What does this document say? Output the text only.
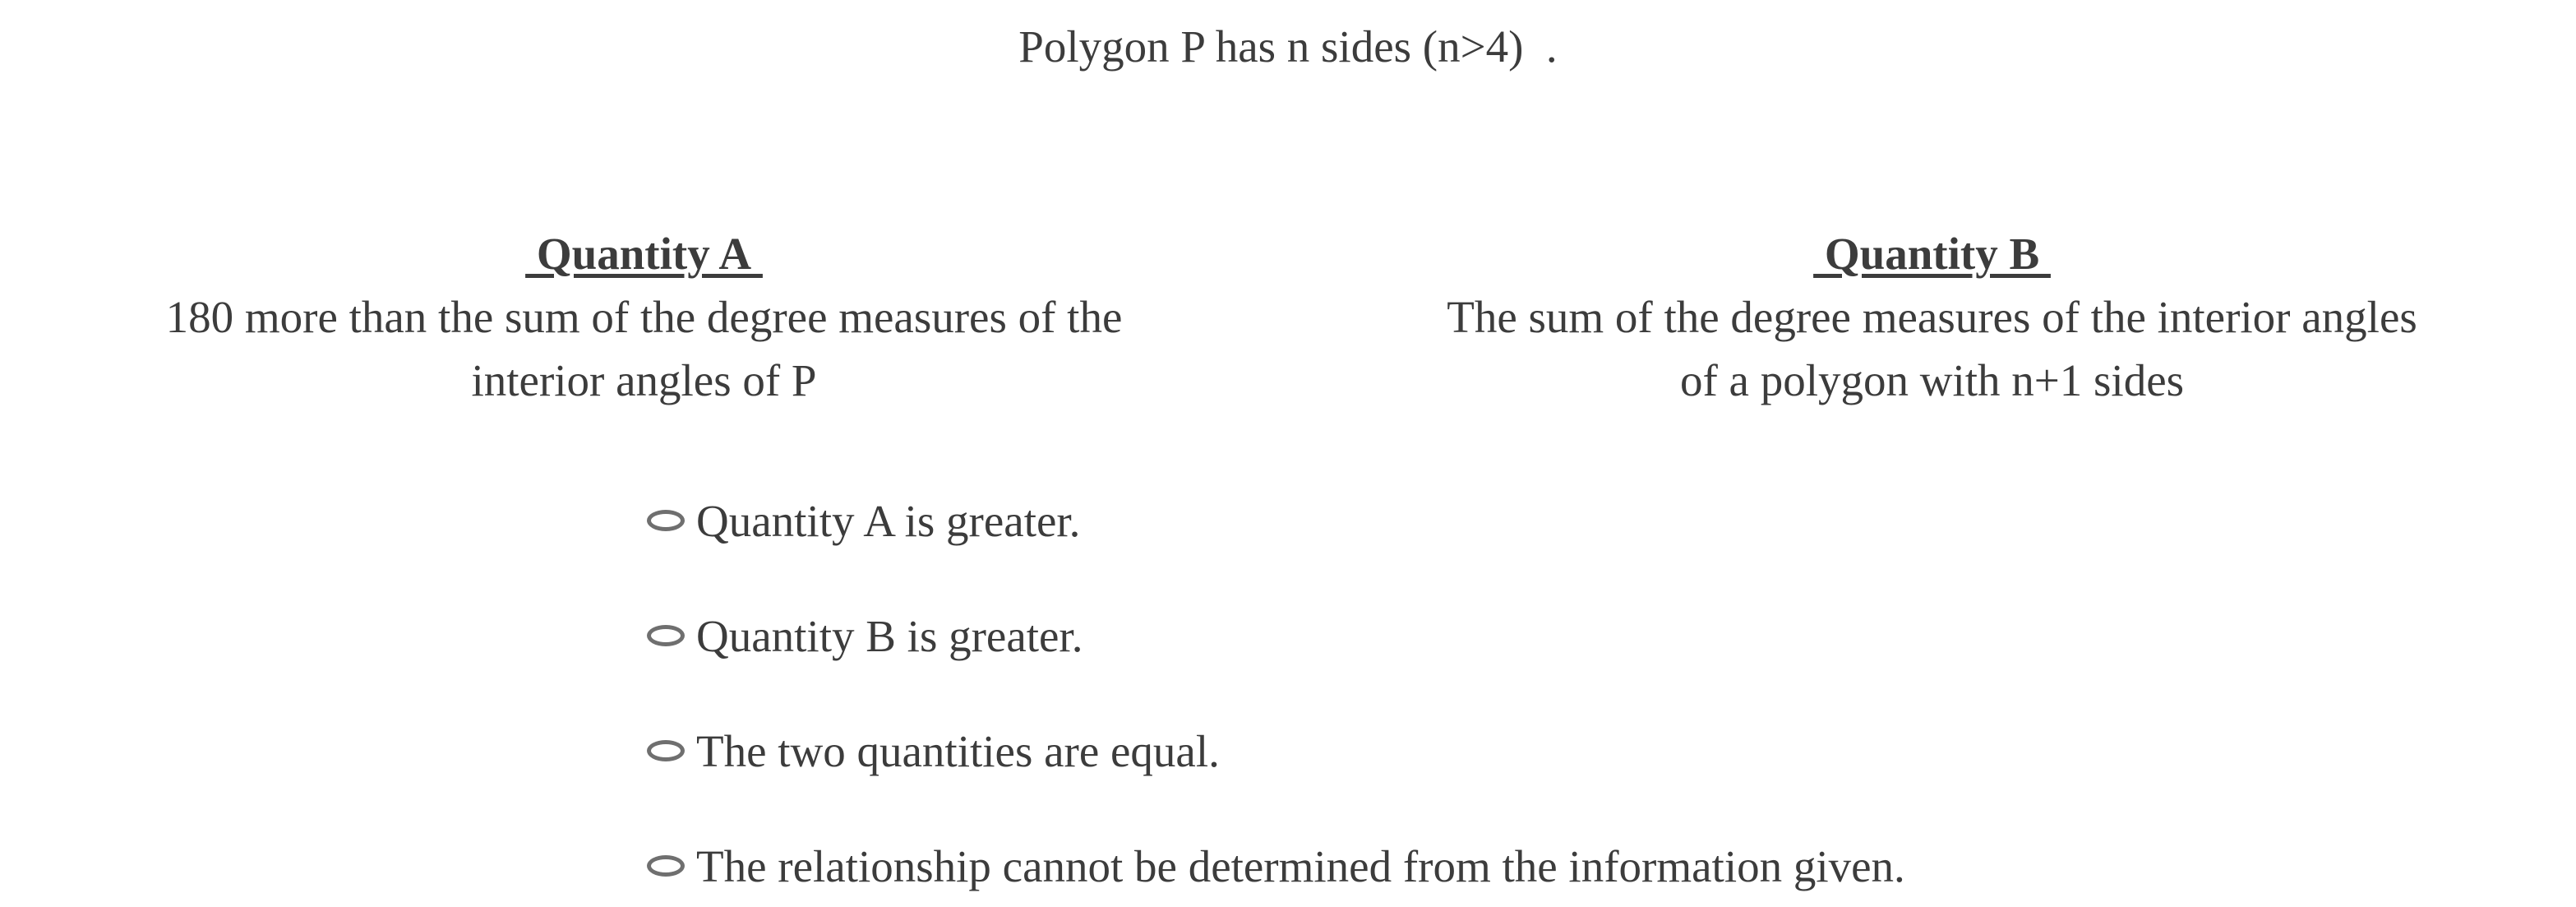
Polygon P has n sides (n>4)  .
Quantity A
180 more than the sum of the degree measures of the
interior angles of P
Quantity B
The sum of the degree measures of the interior angles
of a polygon with n+1 sides
Quantity A is greater.
Quantity B is greater.
The two quantities are equal.
The relationship cannot be determined from the information given.
